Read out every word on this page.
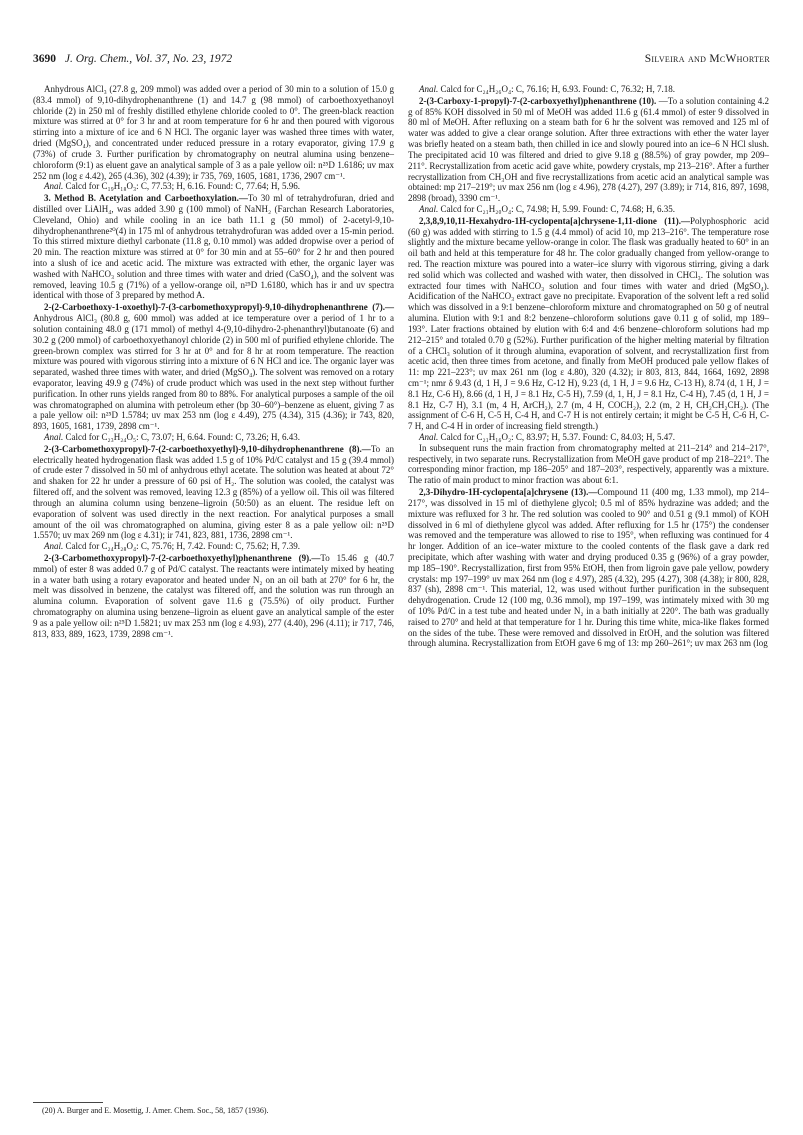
3690 J. Org. Chem., Vol. 37, No. 23, 1972	Silveira and McWhorter

Anhydrous AlCl₃ (27.8 g, 209 mmol) was added over a period of 30 min to a solution of 15.0 g (83.4 mmol) of 9,10-dihydrophenanthrene (1) and 14.7 g (98 mmol) of carboethoxyethanoyl chloride (2) in 250 ml of freshly distilled ethylene chloride cooled to 0°. The green-black reaction mixture was stirred at 0° for 3 hr and at room temperature for 6 hr and then poured with vigorous stirring into a mixture of ice and 6 N HCl. The organic layer was washed three times with water, dried (MgSO₄), and concentrated under reduced pressure in a rotary evaporator, giving 17.9 g (73%) of crude 3. Further purification by chromatography on neutral alumina using benzene–chloroform (9:1) as eluent gave an analytical sample of 3 as a pale yellow oil: n²⁵D 1.6186; uv max 252 nm (log ε 4.42), 265 (4.36), 302 (4.39); ir 735, 769, 1605, 1681, 1736, 2907 cm⁻¹.

Anal. Calcd for C₁₉H₁₈O₃: C, 77.53; H, 6.16. Found: C, 77.64; H, 5.96.

3. Method B. Acetylation and Carboethoxylation.—To 30 ml of tetrahydrofuran, dried and distilled over LiAlH₄, was added 3.90 g (100 mmol) of NaNH₂ (Farchan Research Laboratories, Cleveland, Ohio) and while cooling in an ice bath 11.1 g (50 mmol) of 2-acetyl-9,10-dihydrophenanthrene²⁰(4) in 175 ml of anhydrous tetrahydrofuran was added over a 15-min period. To this stirred mixture diethyl carbonate (11.8 g, 0.10 mmol) was added dropwise over a period of 20 min. The reaction mixture was stirred at 0° for 30 min and at 55–60° for 2 hr and then poured into a slush of ice and acetic acid. The mixture was extracted with ether, the organic layer was washed with NaHCO₃ solution and three times with water and dried (CaSO₄), and the solvent was removed, leaving 10.5 g (71%) of a yellow-orange oil, n²⁵D 1.6180, which has ir and uv spectra identical with those of 3 prepared by method A.

2-(2-Carboethoxy-1-oxoethyl)-7-(3-carbomethoxypropyl)-9,10-dihydrophenanthrene (7).—Anhydrous AlCl₃ (80.8 g, 600 mmol) was added at ice temperature over a period of 1 hr to a solution containing 48.0 g (171 mmol) of methyl 4-(9,10-dihydro-2-phenanthryl)butanoate (6) and 30.2 g (200 mmol) of carboethoxyethanoyl chloride (2) in 500 ml of purified ethylene chloride. The green-brown complex was stirred for 3 hr at 0° and for 8 hr at room temperature. The reaction mixture was poured with vigorous stirring into a mixture of 6 N HCl and ice. The organic layer was separated, washed three times with water, and dried (MgSO₄). The solvent was removed on a rotary evaporator, leaving 49.9 g (74%) of crude product which was used in the next step without further purification. In other runs yields ranged from 80 to 88%. For analytical purposes a sample of the oil was chromatographed on alumina with petroleum ether (bp 30–60°)–benzene as eluent, giving 7 as a pale yellow oil: n²⁵D 1.5784; uv max 253 nm (log ε 4.49), 275 (4.34), 315 (4.36); ir 743, 820, 893, 1605, 1681, 1739, 2898 cm⁻¹.

Anal. Calcd for C₂₃H₂₄O₅: C, 73.07; H, 6.64. Found: C, 73.26; H, 6.43.

2-(3-Carbomethoxypropyl)-7-(2-carboethoxyethyl)-9,10-dihydrophenanthrene (8).—To an electrically heated hydrogenation flask was added 1.5 g of 10% Pd/C catalyst and 15 g (39.4 mmol) of crude ester 7 dissolved in 50 ml of anhydrous ethyl acetate. The solution was heated at about 72° and shaken for 22 hr under a pressure of 60 psi of H₂. The solution was cooled, the catalyst was filtered off, and the solvent was removed, leaving 12.3 g (85%) of a yellow oil. This oil was filtered through an alumina column using benzene–ligroin (50:50) as an eluent. The residue left on evaporation of solvent was used directly in the next reaction. For analytical purposes a small amount of the oil was chromatographed on alumina, giving ester 8 as a pale yellow oil: n²⁵D 1.5570; uv max 269 nm (log ε 4.31); ir 741, 823, 881, 1736, 2898 cm⁻¹.

Anal. Calcd for C₂₄H₂₈O₄: C, 75.76; H, 7.42. Found: C, 75.62; H, 7.39.

2-(3-Carbomethoxypropyl)-7-(2-carboethoxyethyl)phenanthrene (9).—To 15.46 g (40.7 mmol) of ester 8 was added 0.7 g of Pd/C catalyst. The reactants were intimately mixed by heating in a water bath using a rotary evaporator and heated under N₂ on an oil bath at 270° for 6 hr, the melt was dissolved in benzene, the catalyst was filtered off, and the solution was run through an alumina column. Evaporation of solvent gave 11.6 g (75.5%) of oily product. Further chromatography on alumina using benzene–ligroin as eluent gave an analytical sample of the ester 9 as a pale yellow oil: n²⁵D 1.5821; uv max 253 nm (log ε 4.93), 277 (4.40), 296 (4.11); ir 717, 746, 813, 833, 889, 1623, 1739, 2898 cm⁻¹.

Anal. Calcd for C₂₄H₂₆O₄: C, 76.16; H, 6.93. Found: C, 76.32; H, 7.18.

2-(3-Carboxy-1-propyl)-7-(2-carboxyethyl)phenanthrene (10). —To a solution containing 4.2 g of 85% KOH dissolved in 50 ml of MeOH was added 11.6 g (61.4 mmol) of ester 9 dissolved in 80 ml of MeOH. After refluxing on a steam bath for 6 hr the solvent was removed and 125 ml of water was added to give a clear orange solution. After three extractions with ether the water layer was briefly heated on a steam bath, then chilled in ice and slowly poured into an ice–6 N HCl slush. The precipitated acid 10 was filtered and dried to give 9.18 g (88.5%) of gray powder, mp 209–211°. Recrystallization from acetic acid gave white, powdery crystals, mp 213–216°. After a further recrystallization from CH₃OH and five recrystallizations from acetic acid an analytical sample was obtained: mp 217–219°; uv max 256 nm (log ε 4.96), 278 (4.27), 297 (3.89); ir 714, 816, 897, 1698, 2898 (broad), 3390 cm⁻¹.

Anal. Calcd for C₂₁H₂₀O₄: C, 74.98; H, 5.99. Found: C, 74.68; H, 6.35.

2,3,8,9,10,11-Hexahydro-1H-cyclopenta[a]chrysene-1,11-dione (11).—Polyphosphoric acid (60 g) was added with stirring to 1.5 g (4.4 mmol) of acid 10, mp 213–216°. The temperature rose slightly and the mixture became yellow-orange in color. The flask was gradually heated to 60° in an oil bath and held at this temperature for 48 hr. The color gradually changed from yellow-orange to red. The reaction mixture was poured into a water–ice slurry with vigorous stirring, giving a dark red solid which was collected and washed with water, then dissolved in CHCl₃. The solution was extracted four times with NaHCO₃ solution and four times with water and dried (MgSO₄). Acidification of the NaHCO₃ extract gave no precipitate. Evaporation of the solvent left a red solid which was dissolved in a 9:1 benzene–chloroform mixture and chromatographed on 50 g of neutral alumina. Elution with 9:1 and 8:2 benzene–chloroform solutions gave 0.11 g of solid, mp 189–193°. Later fractions obtained by elution with 6:4 and 4:6 benzene–chloroform solutions had mp 212–215° and totaled 0.70 g (52%). Further purification of the higher melting material by filtration of a CHCl₃ solution of it through alumina, evaporation of solvent, and recrystallization first from acetic acid, then three times from acetone, and finally from MeOH produced pale yellow flakes of 11: mp 221–223°; uv max 261 nm (log ε 4.80), 320 (4.32); ir 803, 813, 844, 1664, 1692, 2898 cm⁻¹; nmr δ 9.43 (d, 1 H, J = 9.6 Hz, C-12 H), 9.23 (d, 1 H, J = 9.6 Hz, C-13 H), 8.74 (d, 1 H, J = 8.1 Hz, C-6 H), 8.66 (d, 1 H, J = 8.1 Hz, C-5 H), 7.59 (d, 1, H, J = 8.1 Hz, C-4 H), 7.45 (d, 1 H, J = 8.1 Hz, C-7 H), 3.1 (m, 4 H, ArCH₂), 2.7 (m, 4 H, COCH₂), 2.2 (m, 2 H, CH₂CH₂CH₂). (The assignment of C-6 H, C-5 H, C-4 H, and C-7 H is not entirely certain; it might be C-5 H, C-6 H, C-7 H, and C-4 H in order of increasing field strength.)

Anal. Calcd for C₂₁H₁₆O₂: C, 83.97; H, 5.37. Found: C, 84.03; H, 5.47.

In subsequent runs the main fraction from chromatography melted at 211–214° and 214–217°, respectively, in two separate runs. Recrystallization from MeOH gave product of mp 218–221°. The corresponding minor fraction, mp 186–205° and 187–203°, respectively, apparently was a mixture. The ratio of main product to minor fraction was about 6:1.

2,3-Dihydro-1H-cyclopenta[a]chrysene (13).—Compound 11 (400 mg, 1.33 mmol), mp 214–217°, was dissolved in 15 ml of diethylene glycol; 0.5 ml of 85% hydrazine was added; and the mixture was refluxed for 3 hr. The red solution was cooled to 90° and 0.51 g (9.1 mmol) of KOH dissolved in 6 ml of diethylene glycol was added. After refluxing for 1.5 hr (175°) the condenser was removed and the temperature was allowed to rise to 195°, when refluxing was continued for 4 hr longer. Addition of an ice–water mixture to the cooled contents of the flask gave a dark red precipitate, which after washing with water and drying produced 0.35 g (96%) of a gray powder, mp 185–190°. Recrystallization, first from 95% EtOH, then from ligroin gave pale yellow, powdery crystals: mp 197–199° uv max 264 nm (log ε 4.97), 285 (4.32), 295 (4.27), 308 (4.38); ir 800, 828, 837 (sh), 2898 cm⁻¹. This material, 12, was used without further purification in the subsequent dehydrogenation. Crude 12 (100 mg, 0.36 mmol), mp 197–199, was intimately mixed with 30 mg of 10% Pd/C in a test tube and heated under N₂ in a bath initially at 220°. The bath was gradually raised to 270° and held at that temperature for 1 hr. During this time white, mica-like flakes formed on the sides of the tube. These were removed and dissolved in EtOH, and the solution was filtered through alumina. Recrystallization from EtOH gave 6 mg of 13: mp 260–261°; uv max 263 nm (log

(20) A. Burger and E. Mosettig, J. Amer. Chem. Soc., 58, 1857 (1936).
